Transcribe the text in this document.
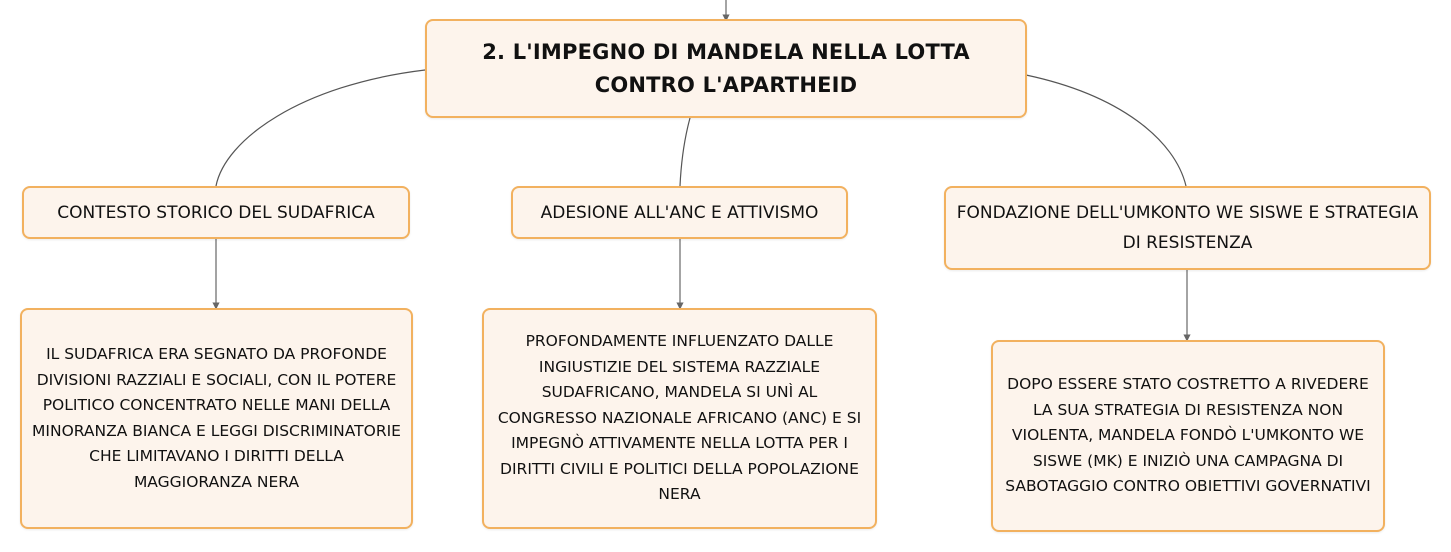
2. L'IMPEGNO DI MANDELA NELLA LOTTA CONTRO L'APARTHEID
CONTESTO STORICO DEL SUDAFRICA	ADESIONE ALL'ANC E ATTIVISMO	FONDAZIONE DELL'UMKONTO WE SISWE E STRATEGIA DI RESISTENZA
IL SUDAFRICA ERA SEGNATO DA PROFONDE DIVISIONI RAZZIALI E SOCIALI, CON IL POTERE POLITICO CONCENTRATO NELLE MANI DELLA MINORANZA BIANCA E LEGGI DISCRIMINATORIE CHE LIMITAVANO I DIRITTI DELLA MAGGIORANZA NERA
PROFONDAMENTE INFLUENZATO DALLE INGIUSTIZIE DEL SISTEMA RAZZIALE SUDAFRICANO, MANDELA SI UNÌ AL CONGRESSO NAZIONALE AFRICANO (ANC) E SI IMPEGNÒ ATTIVAMENTE NELLA LOTTA PER I DIRITTI CIVILI E POLITICI DELLA POPOLAZIONE NERA
DOPO ESSERE STATO COSTRETTO A RIVEDERE LA SUA STRATEGIA DI RESISTENZA NON VIOLENTA, MANDELA FONDÒ L'UMKONTO WE SISWE (MK) E INIZIÒ UNA CAMPAGNA DI SABOTAGGIO CONTRO OBIETTIVI GOVERNATIVI
